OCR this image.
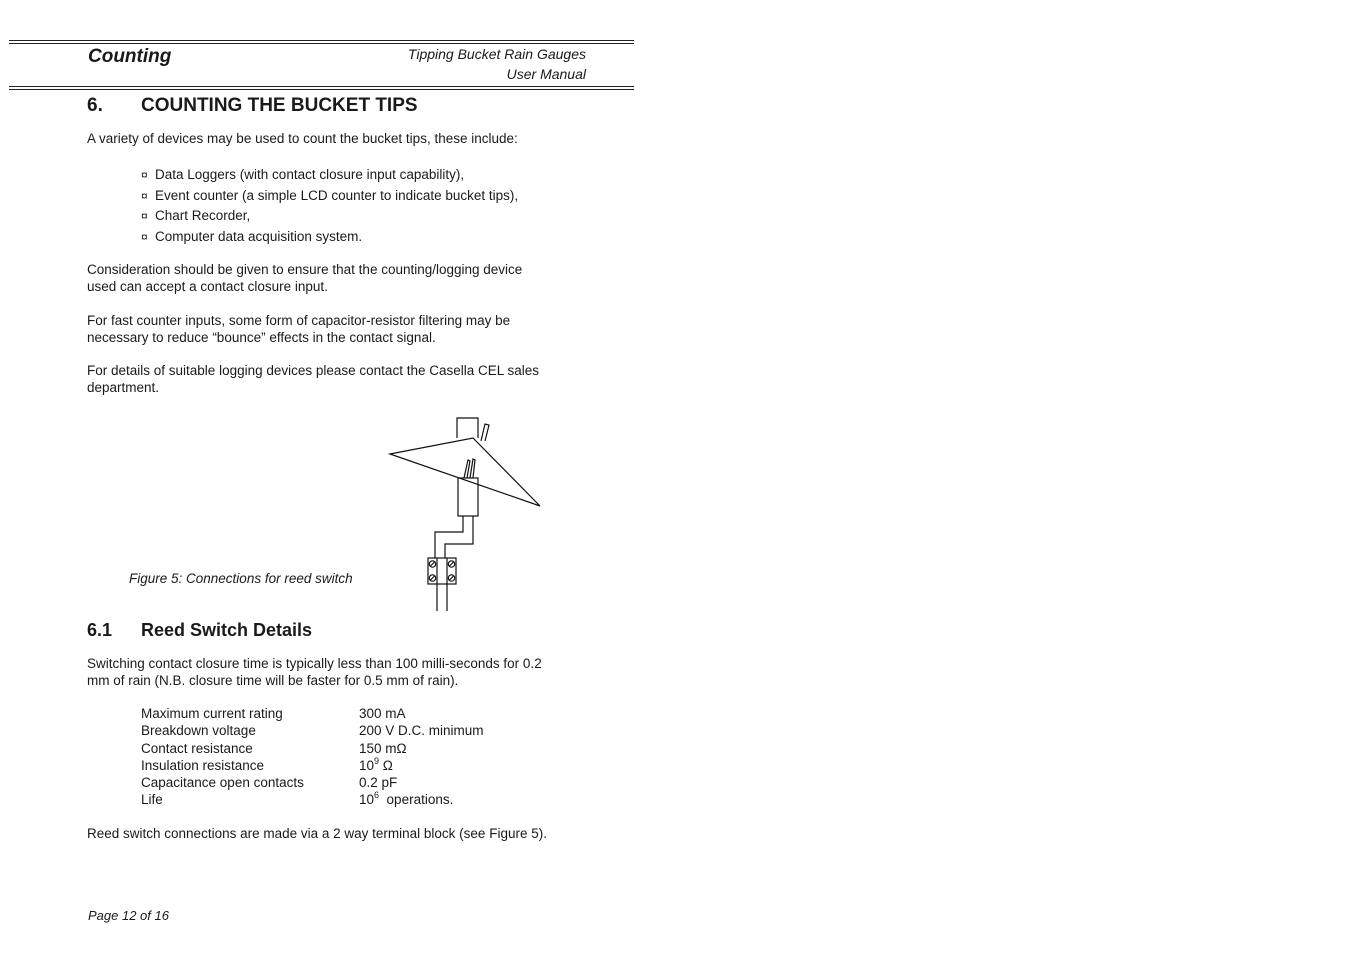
Counting	Tipping Bucket Rain Gauges
User Manual
6. COUNTING THE BUCKET TIPS
A variety of devices may be used to count the bucket tips, these include:
¤ Data Loggers (with contact closure input capability),
¤ Event counter (a simple LCD counter to indicate bucket tips),
¤ Chart Recorder,
¤ Computer data acquisition system.
Consideration should be given to ensure that the counting/logging device
used can accept a contact closure input.
For fast counter inputs, some form of capacitor-resistor filtering may be
necessary to reduce “bounce” effects in the contact signal.
For details of suitable logging devices please contact the Casella CEL sales
department.
Figure 5: Connections for reed switch
6.1 Reed Switch Details
Switching contact closure time is typically less than 100 milli-seconds for 0.2
mm of rain (N.B. closure time will be faster for 0.5 mm of rain).
Maximum current rating	300 mA
Breakdown voltage	200 V D.C. minimum
Contact resistance	150 mΩ
Insulation resistance	$10^9$ Ω
Capacitance open contacts	0.2 pF
Life	$10^6$  operations.
Reed switch connections are made via a 2 way terminal block (see Figure 5).
Page 12 of 16
